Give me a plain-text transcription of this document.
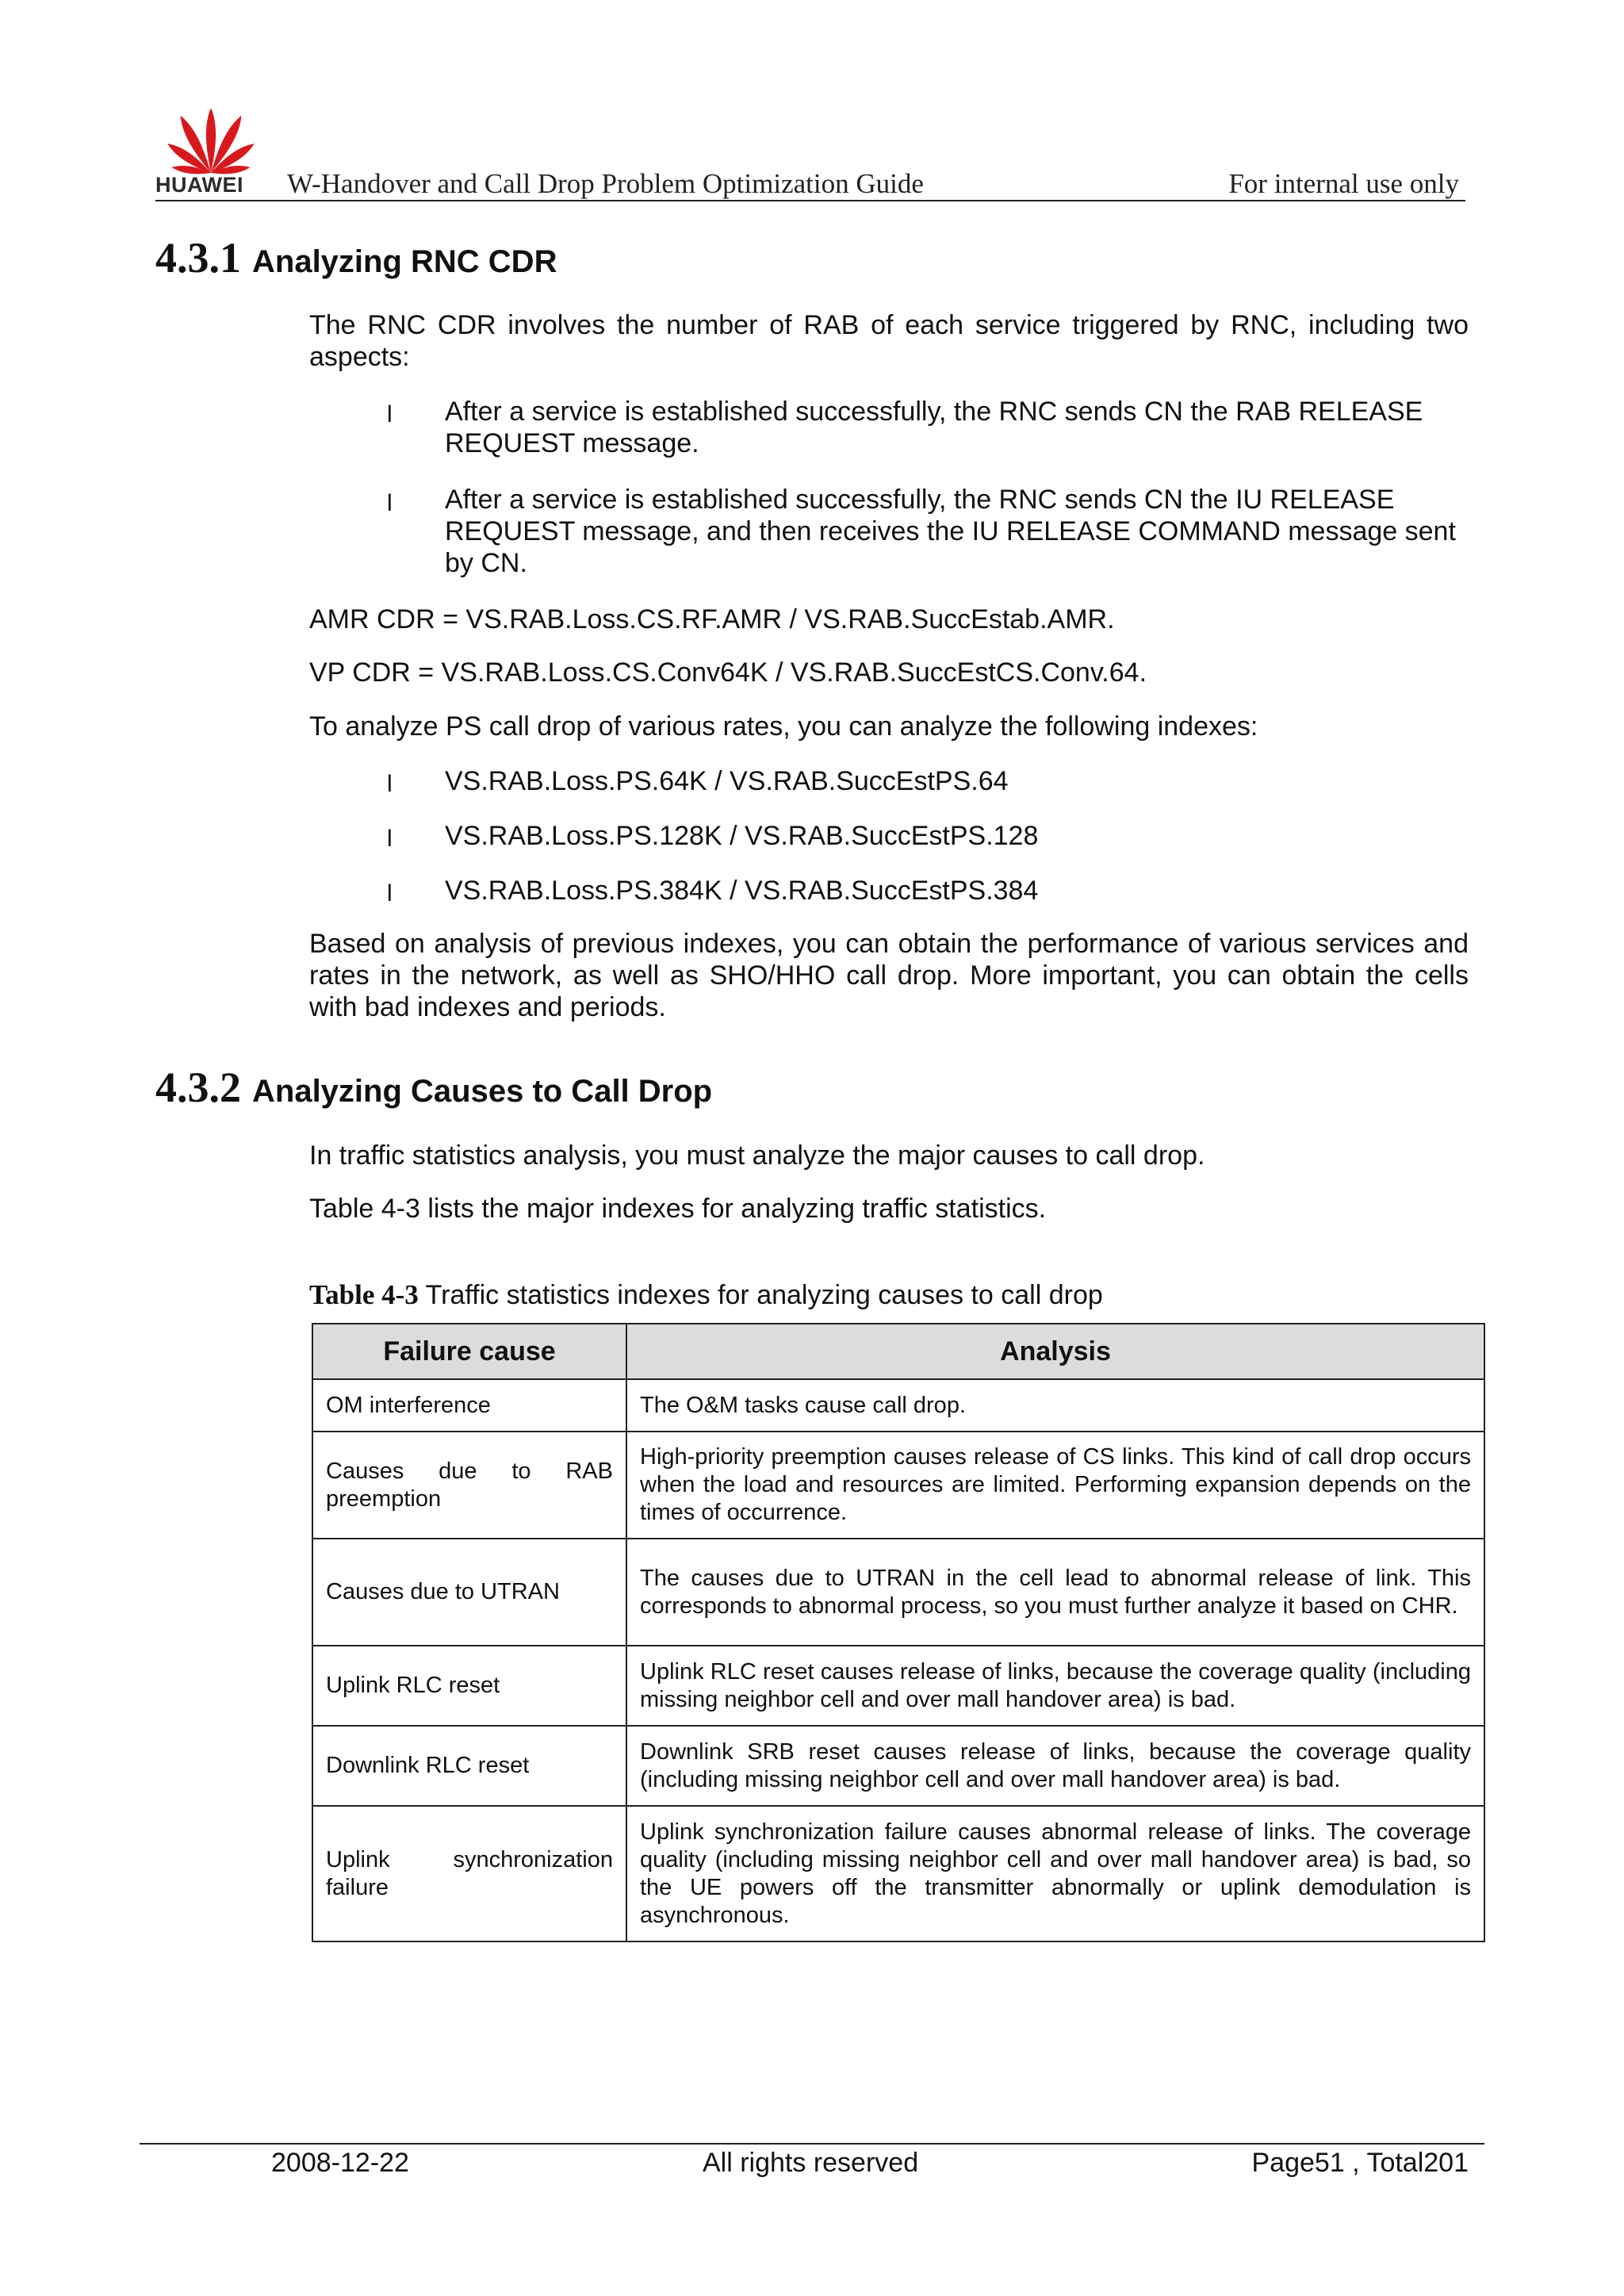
HUAWEI W-Handover and Call Drop Problem Optimization Guide	For internal use only
4.3.1 Analyzing RNC CDR
The RNC CDR involves the number of RAB of each service triggered by RNC, including two aspects:
l After a service is established successfully, the RNC sends CN the RAB RELEASE REQUEST message.
l After a service is established successfully, the RNC sends CN the IU RELEASE REQUEST message, and then receives the IU RELEASE COMMAND message sent by CN.
AMR CDR = VS.RAB.Loss.CS.RF.AMR / VS.RAB.SuccEstab.AMR.
VP CDR = VS.RAB.Loss.CS.Conv64K / VS.RAB.SuccEstCS.Conv.64.
To analyze PS call drop of various rates, you can analyze the following indexes:
l VS.RAB.Loss.PS.64K / VS.RAB.SuccEstPS.64
l VS.RAB.Loss.PS.128K / VS.RAB.SuccEstPS.128
l VS.RAB.Loss.PS.384K / VS.RAB.SuccEstPS.384
Based on analysis of previous indexes, you can obtain the performance of various services and rates in the network, as well as SHO/HHO call drop. More important, you can obtain the cells with bad indexes and periods.
4.3.2 Analyzing Causes to Call Drop
In traffic statistics analysis, you must analyze the major causes to call drop.
Table 4-3 lists the major indexes for analyzing traffic statistics.
Table 4-3 Traffic statistics indexes for analyzing causes to call drop
Failure cause	Analysis
OM interference	The O&M tasks cause call drop.
Causes due to RAB preemption	High-priority preemption causes release of CS links. This kind of call drop occurs when the load and resources are limited. Performing expansion depends on the times of occurrence.
Causes due to UTRAN	The causes due to UTRAN in the cell lead to abnormal release of link. This corresponds to abnormal process, so you must further analyze it based on CHR.
Uplink RLC reset	Uplink RLC reset causes release of links, because the coverage quality (including missing neighbor cell and over mall handover area) is bad.
Downlink RLC reset	Downlink SRB reset causes release of links, because the coverage quality (including missing neighbor cell and over mall handover area) is bad.
Uplink synchronization failure	Uplink synchronization failure causes abnormal release of links. The coverage quality (including missing neighbor cell and over mall handover area) is bad, so the UE powers off the transmitter abnormally or uplink demodulation is asynchronous.
2008-12-22	All rights reserved	Page51 , Total201
